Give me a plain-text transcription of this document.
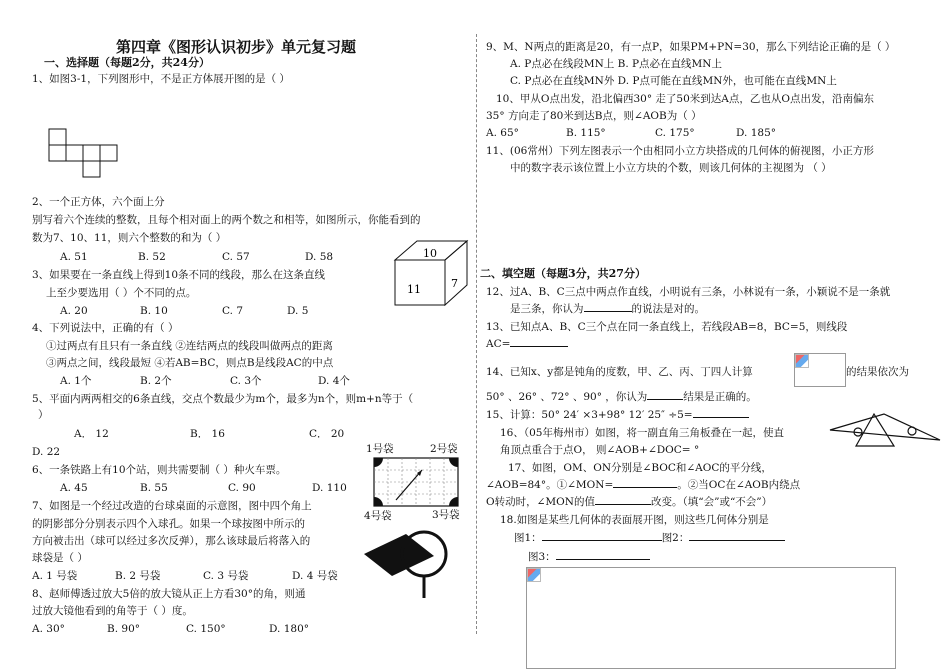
第四章《图形认识初步》单元复习题
一、选择题（每题2分，共24分）
1、如图3-1，下列图形中，不是正方体展开图的是（ ）
2、一个正方体，六个面上分
别写着六个连续的整数，且每个相对面上的两个数之和相等，如图所示，你能看到的
数为7、10、11，则六个整数的和为（ ）
A. 51	B. 52	C. 57	D. 58	10
11	7
3、如果要在一条直线上得到10条不同的线段，那么在这条直线
上至少要选用（ ）个不同的点。
A. 20	B. 10	C. 7	D. 5
4、下列说法中，正确的有（ ）
①过两点有且只有一条直线 ②连结两点的线段叫做两点的距离
③两点之间，线段最短 ④若AB=BC，则点B是线段AC的中点
A. 1个	B. 2个	C. 3个	D. 4个
5、平面内两两相交的6条直线，交点个数最少为m个，最多为n个，则m+n等于（
）
A． 12	B． 16	C． 20
D. 22
6、一条铁路上有10个站，则共需要制（ ）种火车票。
A. 45	B. 55	C. 90	D. 110
1号袋	2号袋
4号袋	3号袋
7、如图是一个经过改造的台球桌面的示意图，图中四个角上
的阴影部分分别表示四个入球孔。如果一个球按图中所示的
方向被击出（球可以经过多次反弹），那么该球最后将落入的
球袋是（ ）
A. 1 号袋	B. 2 号袋	C. 3 号袋	D. 4 号袋
8、赵师傅透过放大5倍的放大镜从正上方看30°的角，则通
过放大镜他看到的角等于（ ）度。
A. 30°	B. 90°	C. 150°	D. 180°
9、M、N两点的距离是20，有一点P，如果PM+PN=30，那么下列结论正确的是（ ）
A. P点必在线段MN上 B. P点必在直线MN上
C. P点必在直线MN外 D. P点可能在直线MN外，也可能在直线MN上
10、甲从O点出发，沿北偏西30° 走了50米到达A点，乙也从O点出发，沿南偏东
35° 方向走了80米到达B点，则∠AOB为（ ）
A. 65°	B. 115°	C. 175°	D. 185°
11、(06常州）下列左图表示一个由相同小立方块搭成的几何体的俯视图，小正方形
中的数字表示该位置上小立方块的个数，则该几何体的主视图为 （ ）
二、填空题（每题3分，共27分）
12、过A、B、C三点中两点作直线，小明说有三条，小林说有一条，小颖说不是一条就
是三条，你认为	的说法是对的。
13、已知点A、B、C三个点在同一条直线上，若线段AB=8，BC=5，则线段
AC=
14、已知x、y都是钝角的度数，甲、乙、丙、丁四人计算	的结果依次为
50° 、26° 、72° 、90° ，你认为	结果是正确的。
15、计算：50° 24′ ×3+98° 12′ 25″ ÷5=
16、（05年梅州市）如图，将一副直角三角板叠在一起，使直
角顶点重合于点O， 则∠AOB+∠DOC= °
17、如图，OM、ON分别是∠BOC和∠AOC的平分线，
∠AOB=84°。①∠MON=	。②当OC在∠AOB内绕点
O转动时，∠MON的值	改变。（填“会”或“不会”）
18.如图是某些几何体的表面展开图，则这些几何体分别是
图1：	图2：
图3：
